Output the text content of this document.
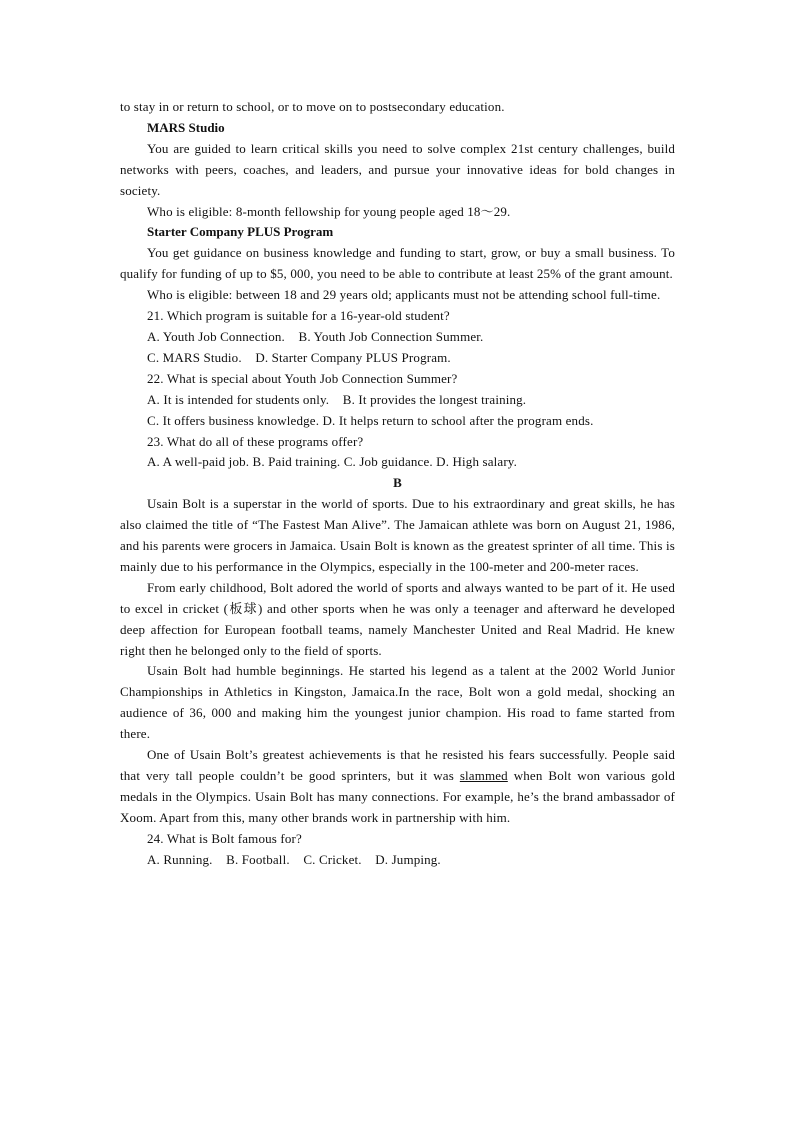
to stay in or return to school, or to move on to postsecondary education.

MARS Studio

You are guided to learn critical skills you need to solve complex 21st century challenges, build networks with peers, coaches, and leaders, and pursue your innovative ideas for bold changes in society.

Who is eligible: 8-month fellowship for young people aged 18～29.

Starter Company PLUS Program

You get guidance on business knowledge and funding to start, grow, or buy a small business. To qualify for funding of up to $5, 000, you need to be able to contribute at least 25% of the grant amount.

Who is eligible: between 18 and 29 years old; applicants must not be attending school full-time.

21. Which program is suitable for a 16-year-old student?

A. Youth Job Connection.    B. Youth Job Connection Summer.

C. MARS Studio.    D. Starter Company PLUS Program.

22. What is special about Youth Job Connection Summer?

A. It is intended for students only.    B. It provides the longest training.

C. It offers business knowledge. D. It helps return to school after the program ends.

23. What do all of these programs offer?

A. A well-paid job. B. Paid training. C. Job guidance. D. High salary.

B

Usain Bolt is a superstar in the world of sports. Due to his extraordinary and great skills, he has also claimed the title of “The Fastest Man Alive”. The Jamaican athlete was born on August 21, 1986, and his parents were grocers in Jamaica. Usain Bolt is known as the greatest sprinter of all time. This is mainly due to his performance in the Olympics, especially in the 100-meter and 200-meter races.

From early childhood, Bolt adored the world of sports and always wanted to be part of it. He used to excel in cricket (板球) and other sports when he was only a teenager and afterward he developed deep affection for European football teams, namely Manchester United and Real Madrid. He knew right then he belonged only to the field of sports.

Usain Bolt had humble beginnings. He started his legend as a talent at the 2002 World Junior Championships in Athletics in Kingston, Jamaica.In the race, Bolt won a gold medal, shocking an audience of 36, 000 and making him the youngest junior champion. His road to fame started from there.

One of Usain Bolt’s greatest achievements is that he resisted his fears successfully. People said that very tall people couldn’t be good sprinters, but it was slammed when Bolt won various gold medals in the Olympics. Usain Bolt has many connections. For example, he’s the brand ambassador of Xoom. Apart from this, many other brands work in partnership with him.

24. What is Bolt famous for?

A. Running.    B. Football.    C. Cricket.    D. Jumping.
